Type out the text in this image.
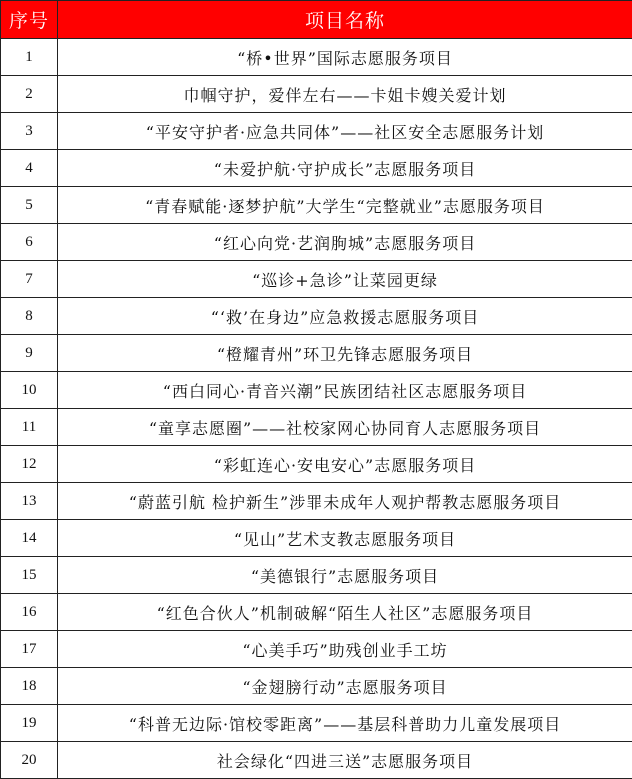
序号	项目名称
1	“桥•世界”国际志愿服务项目
2	巾帼守护，爱伴左右——卡姐卡嫂关爱计划
3	“平安守护者·应急共同体”——社区安全志愿服务计划
4	“未爱护航·守护成长”志愿服务项目
5	“青春赋能·逐梦护航”大学生“完整就业”志愿服务项目
6	“红心向党·艺润朐城”志愿服务项目
7	“巡诊+急诊”让菜园更绿
8	“‘救’在身边”应急救援志愿服务项目
9	“橙耀青州”环卫先锋志愿服务项目
10	“西白同心·青音兴潮”民族团结社区志愿服务项目
11	“童享志愿圈”——社校家网心协同育人志愿服务项目
12	“彩虹连心·安电安心”志愿服务项目
13	“蔚蓝引航 检护新生”涉罪未成年人观护帮教志愿服务项目
14	“见山”艺术支教志愿服务项目
15	“美德银行”志愿服务项目
16	“红色合伙人”机制破解“陌生人社区”志愿服务项目
17	“心美手巧”助残创业手工坊
18	“金翅膀行动”志愿服务项目
19	“科普无边际·馆校零距离”——基层科普助力儿童发展项目
20	社会绿化“四进三送”志愿服务项目
